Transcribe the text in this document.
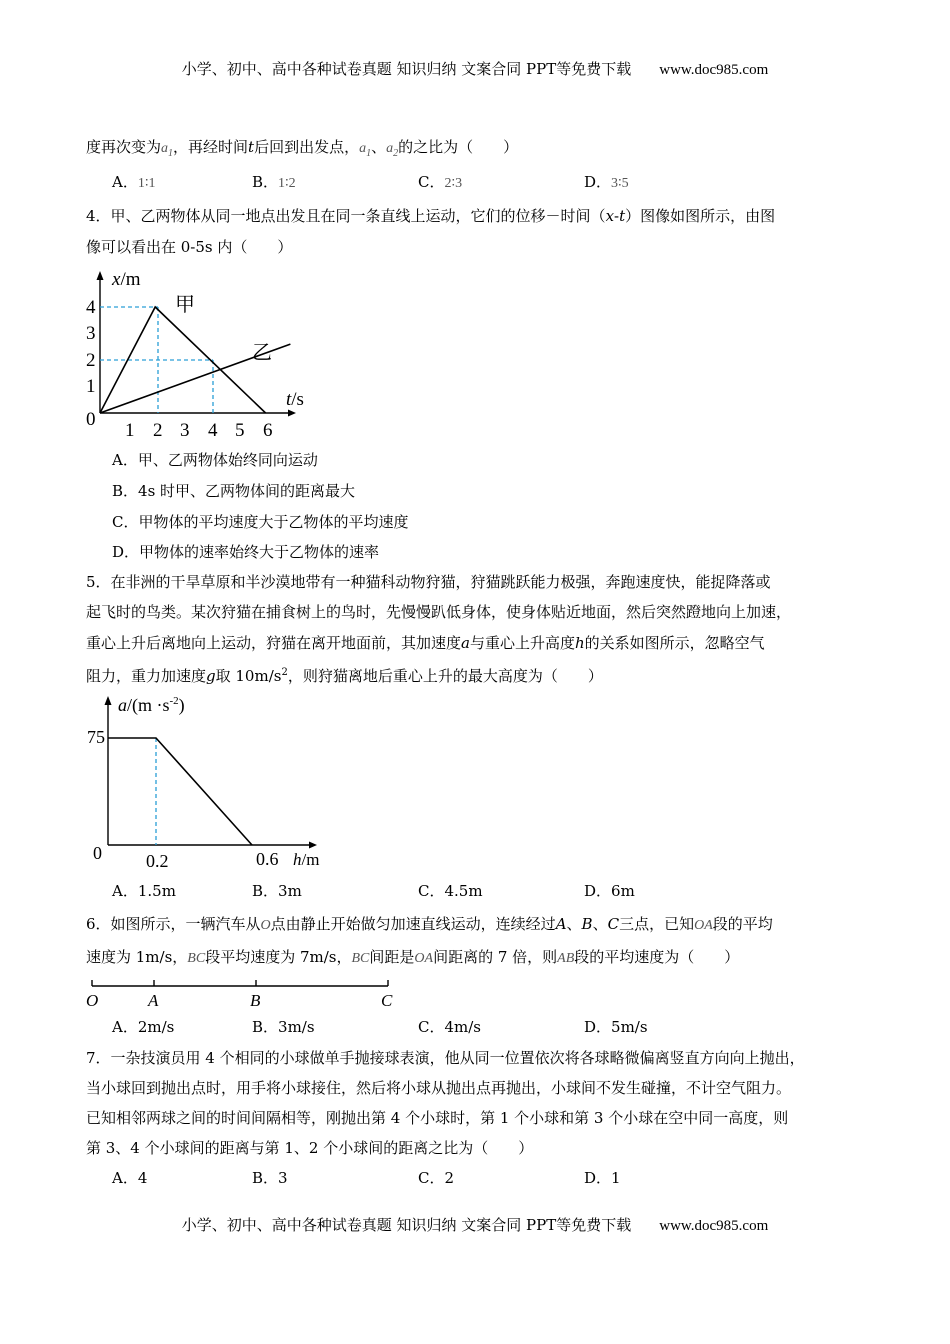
小学、初中、高中各种试卷真题 知识归纳 文案合同 PPT等免费下载 www.doc985.com
度再次变为$a_1$，再经时间t后回到出发点，$a_1$、$a_2$的之比为（　　）
A．1∶1	B．1∶2	C．2∶3	D．3∶5
4．甲、乙两物体从同一地点出发且在同一条直线上运动，它们的位移－时间（x-t）图像如图所示，由图
像可以看出在 0-5s 内（　　）
x/m
t/s
0
4
3
2
1
1 2 3 4 5 6
甲
乙
A．甲、乙两物体始终同向运动
B．4s 时甲、乙两物体间的距离最大
C．甲物体的平均速度大于乙物体的平均速度
D．甲物体的速率始终大于乙物体的速率
5．在非洲的干旱草原和半沙漠地带有一种猫科动物狩猫，狩猫跳跃能力极强，奔跑速度快，能捉降落或
起飞时的鸟类。某次狩猫在捕食树上的鸟时，先慢慢趴低身体，使身体贴近地面，然后突然蹬地向上加速，
重心上升后离地向上运动，狩猫在离开地面前，其加速度a与重心上升高度h的关系如图所示，忽略空气
阻力，重力加速度g取 $10m/s^2$，则狩猫离地后重心上升的最大高度为（　　）
$a/(m \cdot s^{-2})$
75
0 0.2	0.6 h/m
A．1.5m	B．3m	C．4.5m	D．6m
6．如图所示，一辆汽车从O点由静止开始做匀加速直线运动，连续经过A、B、C三点，已知OA段的平均
速度为 1m/s，BC段平均速度为 7m/s，BC间距是OA间距离的 7 倍，则AB段的平均速度为（　　）
O	A	B	C
A．2m/s	B．3m/s	C．4m/s	D．5m/s
7．一杂技演员用 4 个相同的小球做单手抛接球表演，他从同一位置依次将各球略微偏离竖直方向向上抛出，
当小球回到抛出点时，用手将小球接住，然后将小球从抛出点再抛出，小球间不发生碰撞，不计空气阻力。
已知相邻两球之间的时间间隔相等，刚抛出第 4 个小球时，第 1 个小球和第 3 个小球在空中同一高度，则
第 3、4 个小球间的距离与第 1、2 个小球间的距离之比为（　　）
A．4	B．3	C．2	D．1
小学、初中、高中各种试卷真题 知识归纳 文案合同 PPT等免费下载 www.doc985.com
